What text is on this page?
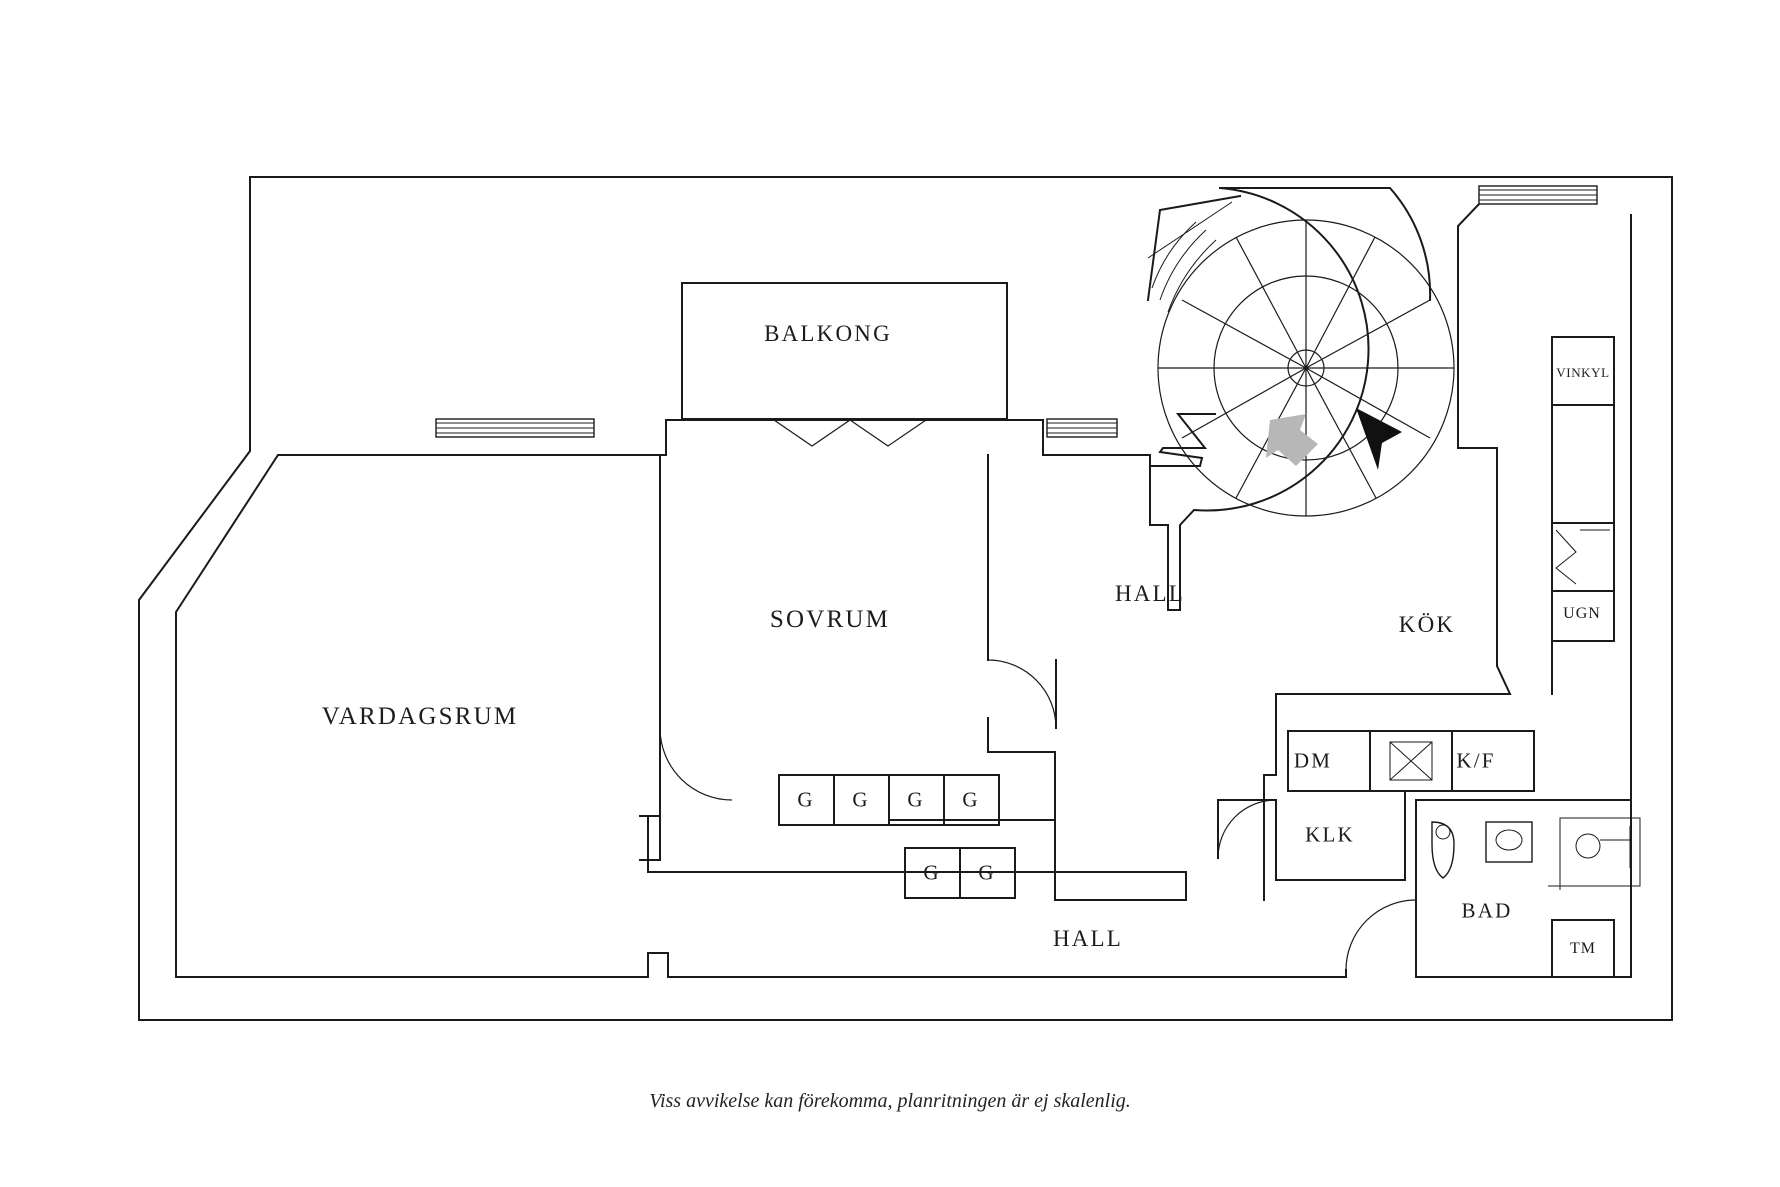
VARDAGSRUM
SOVRUM
BALKONG
HALL
HALL
KÖK
BAD
KLK
DM	K/F
UGN
VINKYL
TM
G G G G
G G
Viss avvikelse kan förekomma, planritningen är ej skalenlig.
